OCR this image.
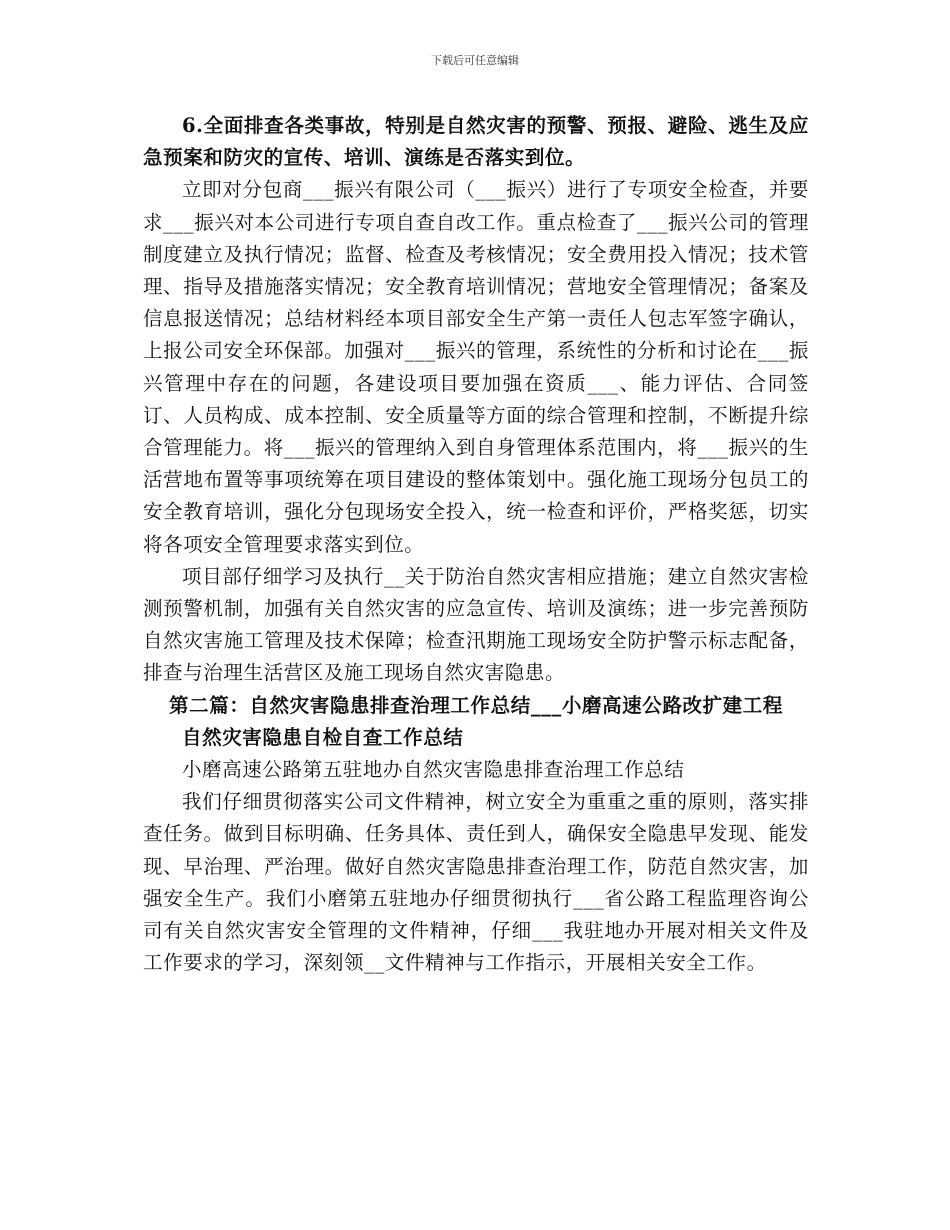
下载后可任意编辑

6.全面排查各类事故，特别是自然灾害的预警、预报、避险、逃生及应急预案和防灾的宣传、培训、演练是否落实到位。

立即对分包商___振兴有限公司（___振兴）进行了专项安全检查，并要求___振兴对本公司进行专项自查自改工作。重点检查了___振兴公司的管理制度建立及执行情况；监督、检查及考核情况；安全费用投入情况；技术管理、指导及措施落实情况；安全教育培训情况；营地安全管理情况；备案及信息报送情况；总结材料经本项目部安全生产第一责任人包志军签字确认，上报公司安全环保部。加强对___振兴的管理，系统性的分析和讨论在___振兴管理中存在的问题，各建设项目要加强在资质___、能力评估、合同签订、人员构成、成本控制、安全质量等方面的综合管理和控制，不断提升综合管理能力。将___振兴的管理纳入到自身管理体系范围内，将___振兴的生活营地布置等事项统筹在项目建设的整体策划中。强化施工现场分包员工的安全教育培训，强化分包现场安全投入，统一检查和评价，严格奖惩，切实将各项安全管理要求落实到位。

项目部仔细学习及执行__关于防治自然灾害相应措施；建立自然灾害检测预警机制，加强有关自然灾害的应急宣传、培训及演练；进一步完善预防自然灾害施工管理及技术保障；检查汛期施工现场安全防护警示标志配备，排查与治理生活营区及施工现场自然灾害隐患。

第二篇：自然灾害隐患排查治理工作总结___小磨高速公路改扩建工程

自然灾害隐患自检自查工作总结

小磨高速公路第五驻地办自然灾害隐患排查治理工作总结

我们仔细贯彻落实公司文件精神，树立安全为重重之重的原则，落实排查任务。做到目标明确、任务具体、责任到人，确保安全隐患早发现、能发现、早治理、严治理。做好自然灾害隐患排查治理工作，防范自然灾害，加强安全生产。我们小磨第五驻地办仔细贯彻执行___省公路工程监理咨询公司有关自然灾害安全管理的文件精神，仔细___我驻地办开展对相关文件及工作要求的学习，深刻领__文件精神与工作指示，开展相关安全工作。
